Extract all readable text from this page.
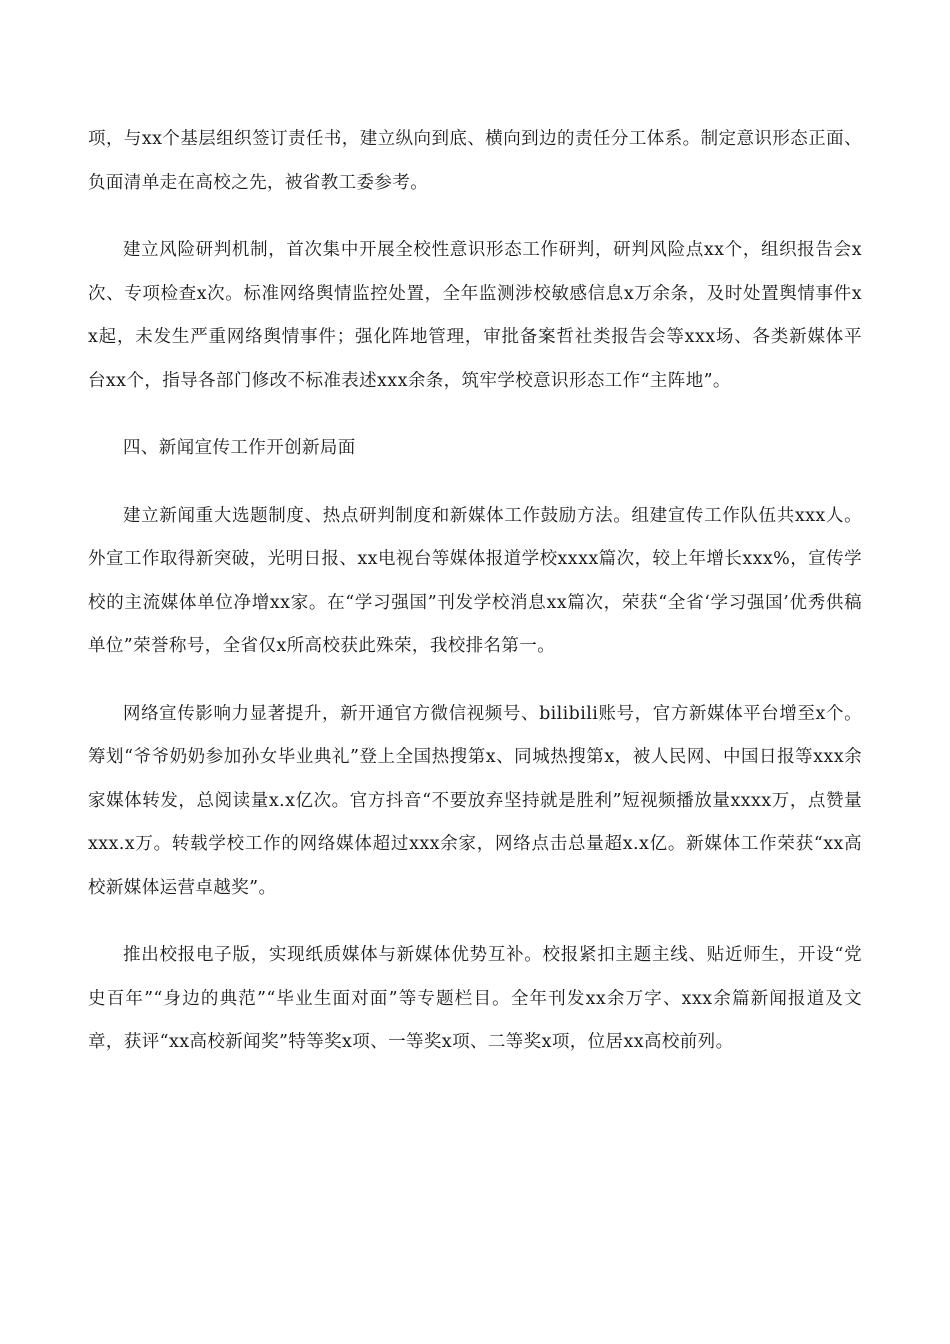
项，与xx个基层组织签订责任书，建立纵向到底、横向到边的责任分工体系。制定意识形态正面、负面清单走在高校之先，被省教工委参考。

建立风险研判机制，首次集中开展全校性意识形态工作研判，研判风险点xx个，组织报告会x次、专项检查x次。标准网络舆情监控处置，全年监测涉校敏感信息x万余条，及时处置舆情事件xx起，未发生严重网络舆情事件；强化阵地管理，审批备案哲社类报告会等xxx场、各类新媒体平台xx个，指导各部门修改不标准表述xxx余条，筑牢学校意识形态工作“主阵地”。

四、新闻宣传工作开创新局面

建立新闻重大选题制度、热点研判制度和新媒体工作鼓励方法。组建宣传工作队伍共xxx人。外宣工作取得新突破，光明日报、xx电视台等媒体报道学校xxxx篇次，较上年增长xxx%，宣传学校的主流媒体单位净增xx家。在“学习强国”刊发学校消息xx篇次，荣获“全省‘学习强国’优秀供稿单位”荣誉称号，全省仅x所高校获此殊荣，我校排名第一。

网络宣传影响力显著提升，新开通官方微信视频号、bilibili账号，官方新媒体平台增至x个。筹划“爷爷奶奶参加孙女毕业典礼”登上全国热搜第x、同城热搜第x，被人民网、中国日报等xxx余家媒体转发，总阅读量x.x亿次。官方抖音“不要放弃坚持就是胜利”短视频播放量xxxx万，点赞量xxx.x万。转载学校工作的网络媒体超过xxx余家，网络点击总量超x.x亿。新媒体工作荣获“xx高校新媒体运营卓越奖”。

推出校报电子版，实现纸质媒体与新媒体优势互补。校报紧扣主题主线、贴近师生，开设“党史百年”“身边的典范”“毕业生面对面”等专题栏目。全年刊发xx余万字、xxx余篇新闻报道及文章，获评“xx高校新闻奖”特等奖x项、一等奖x项、二等奖x项，位居xx高校前列。
